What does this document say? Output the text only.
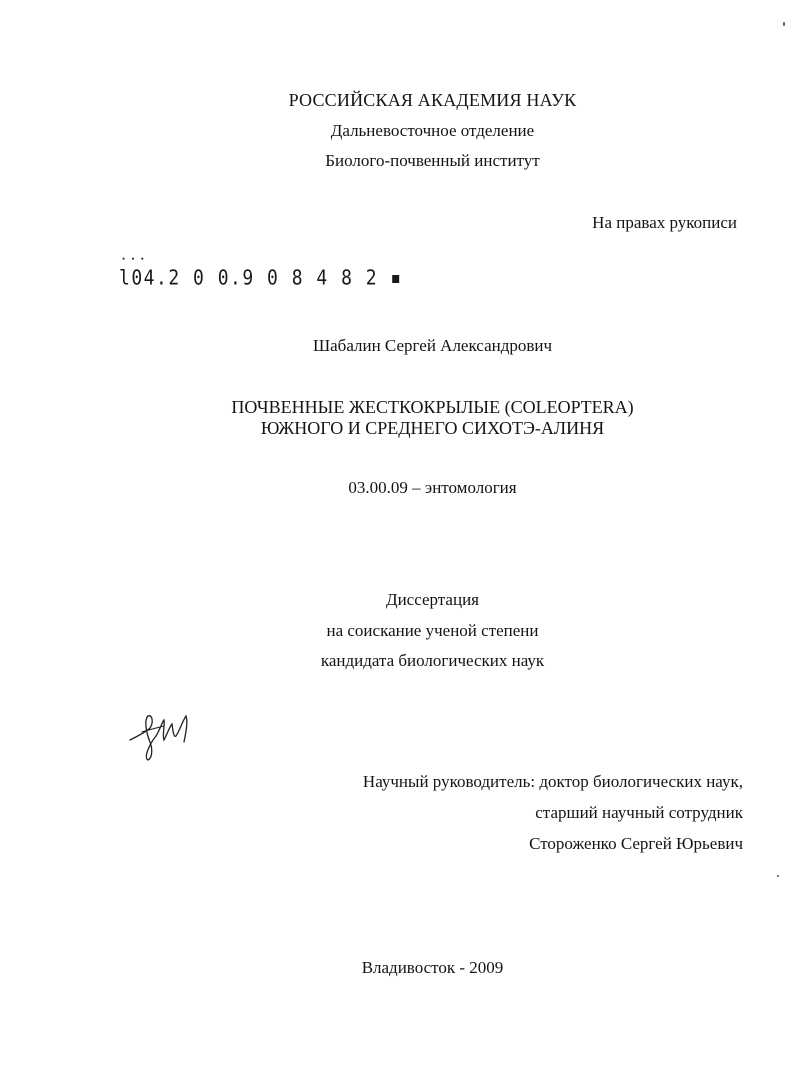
РОССИЙСКАЯ АКАДЕМИЯ НАУК
Дальневосточное отделение
Биолого-почвенный институт
На правах рукописи
• • •
l04.2 0 0.9 0 8 4 8 2 ▪
Шабалин Сергей Александрович
ПОЧВЕННЫЕ ЖЕСТКОКРЫЛЫЕ (COLEOPTERA)
ЮЖНОГО И СРЕДНЕГО СИХОТЭ-АЛИНЯ
03.00.09 – энтомология
Диссертация
на соискание ученой степени
кандидата биологических наук
Научный руководитель: доктор биологических наук,
старший научный сотрудник
Стороженко Сергей Юрьевич
Владивосток - 2009
